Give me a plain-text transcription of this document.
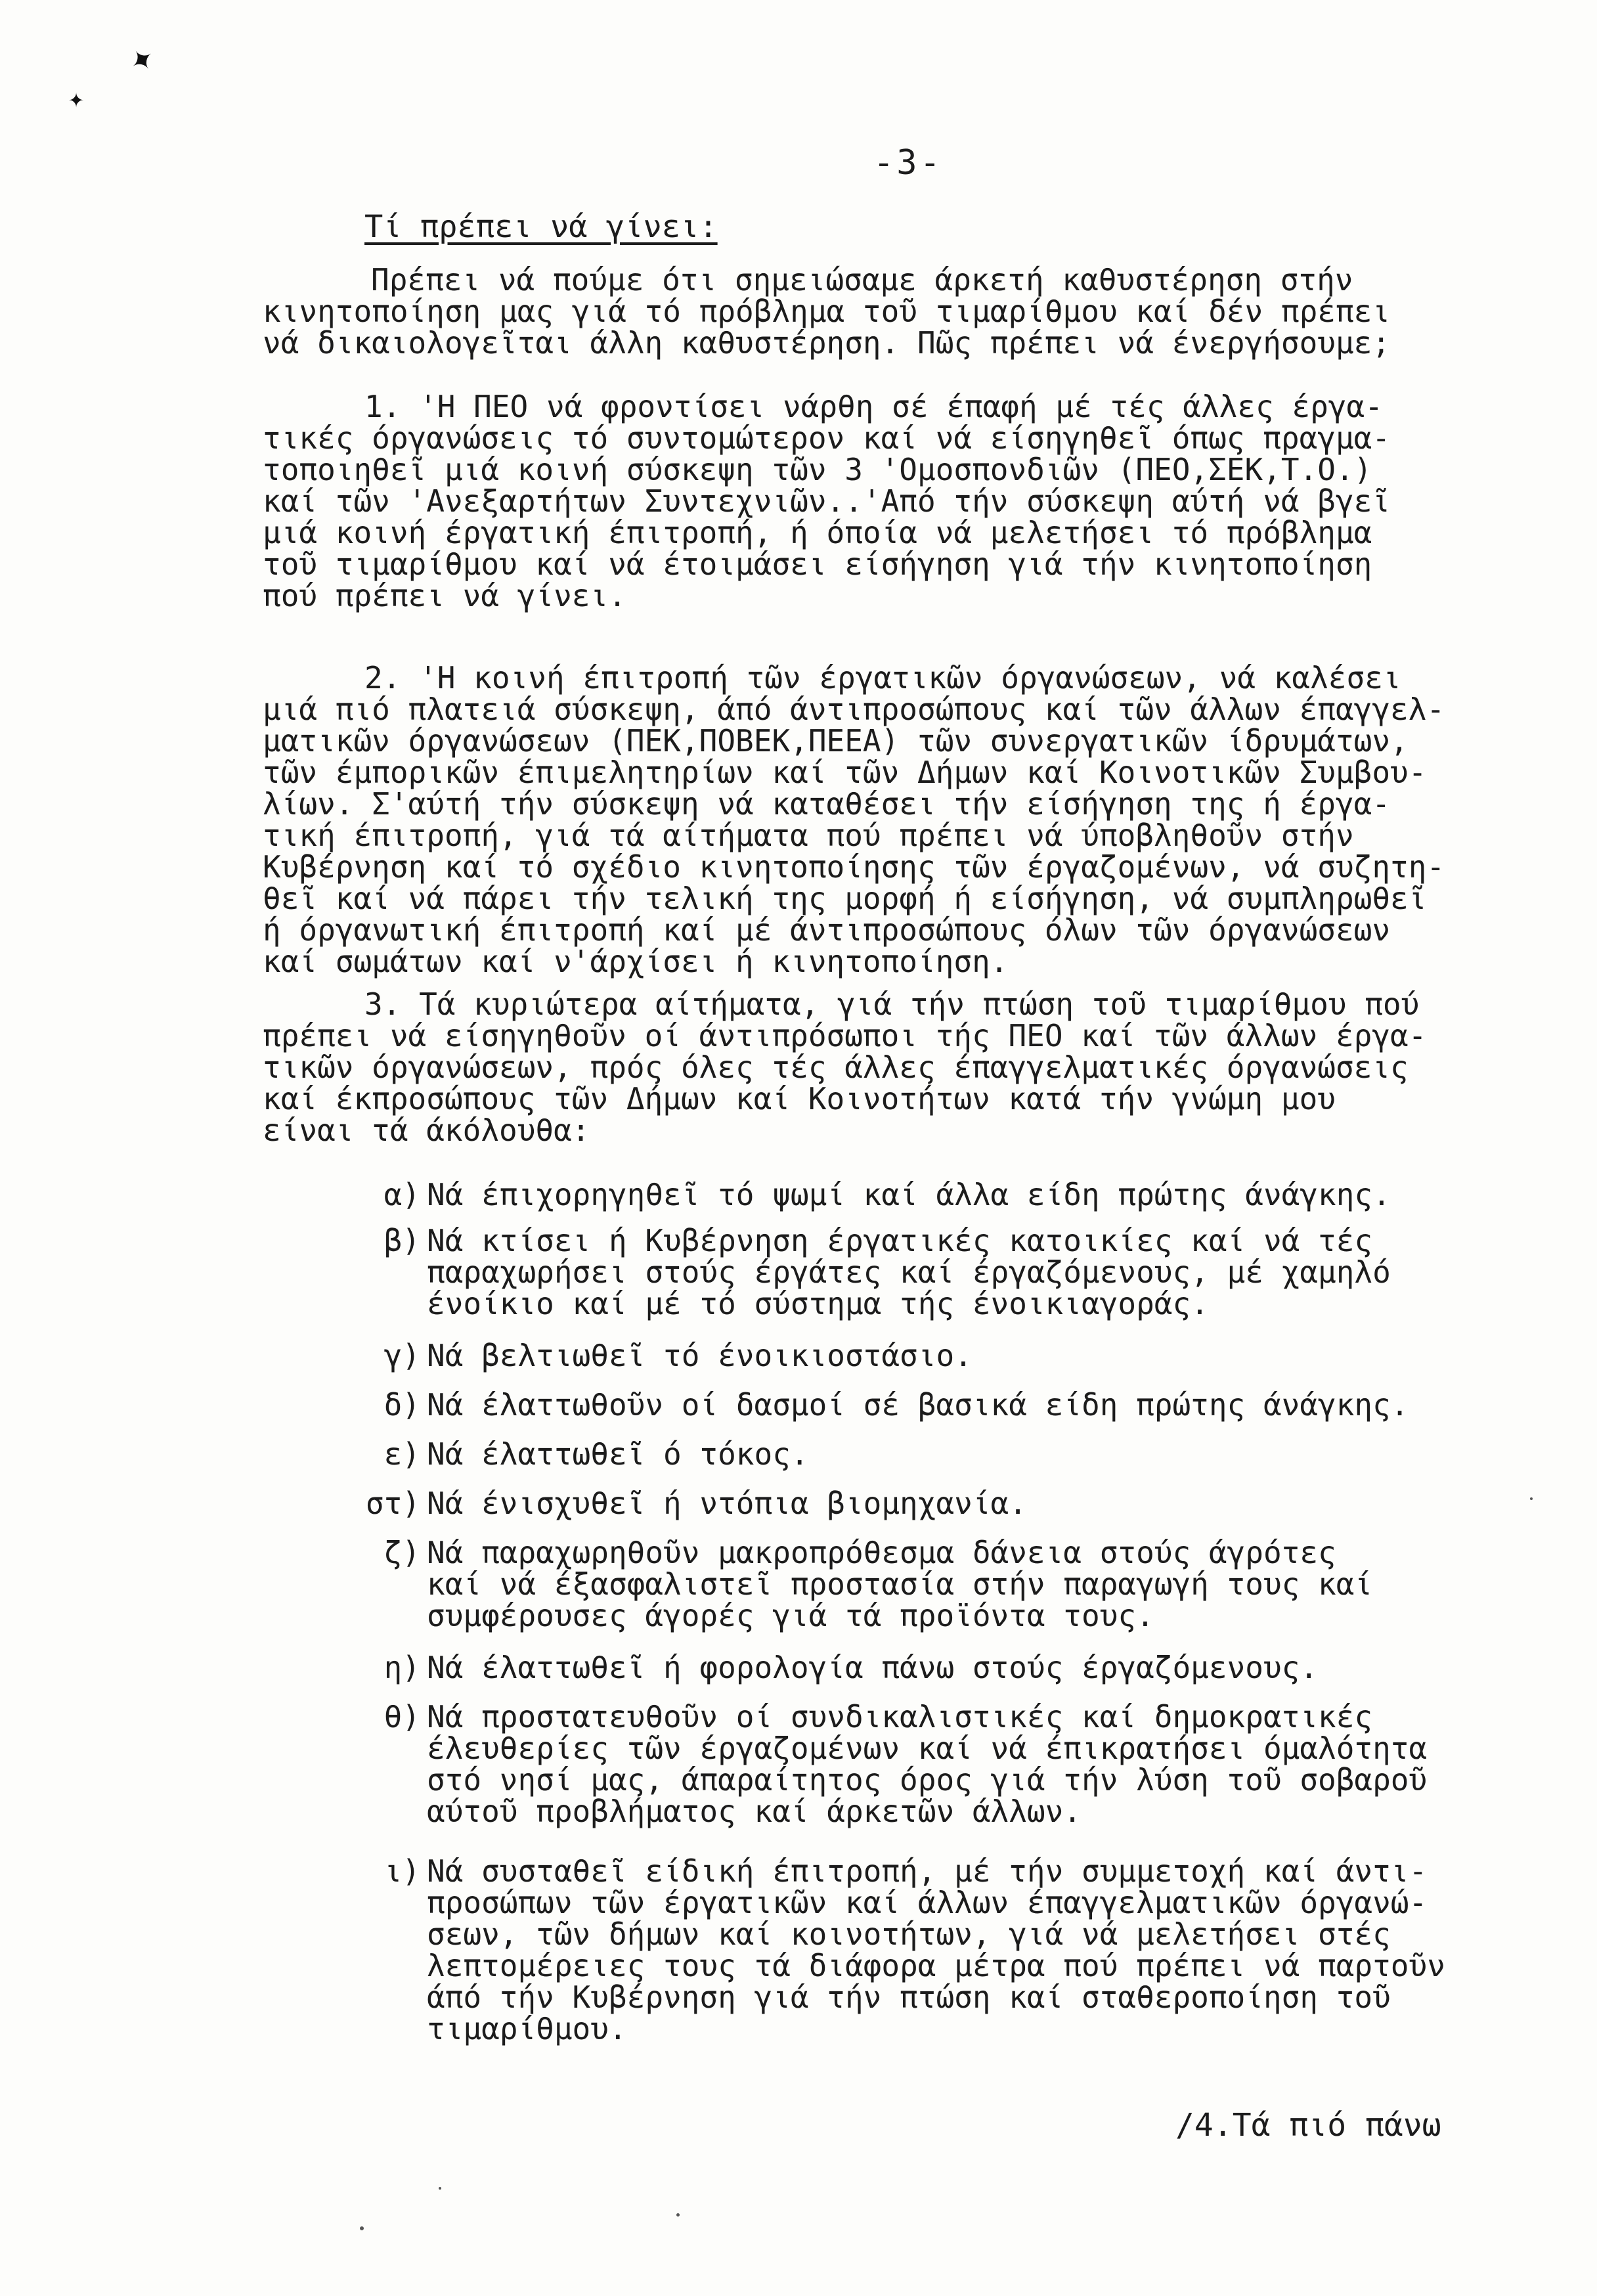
✦
✦
-3-
Τί πρέπει νά γίνει:
Πρέπει νά πούμε ότι σημειώσαμε άρκετή καθυστέρηση στήν
κινητοποίηση μας γιά τό πρόβλημα τοῦ τιμαρίθμου καί δέν πρέπει
νά δικαιολογεῖται άλλη καθυστέρηση. Πῶς πρέπει νά ένεργήσουμε;
1. 'Η ΠΕΟ νά φροντίσει νάρθη σέ έπαφή μέ τές άλλες έργα-
τικές όργανώσεις τό συντομώτερον καί νά είσηγηθεῖ όπως πραγμα-
τοποιηθεῖ μιά κοινή σύσκεψη τῶν 3 'Ομοσπονδιῶν (ΠΕΟ,ΣΕΚ,Τ.Ο.)
καί τῶν 'Ανεξαρτήτων Συντεχνιῶν..'Από τήν σύσκεψη αύτή νά βγεῖ
μιά κοινή έργατική έπιτροπή, ή όποία νά μελετήσει τό πρόβλημα
τοῦ τιμαρίθμου καί νά έτοιμάσει είσήγηση γιά τήν κινητοποίηση
πού πρέπει νά γίνει.
2. 'Η κοινή έπιτροπή τῶν έργατικῶν όργανώσεων, νά καλέσει
μιά πιό πλατειά σύσκεψη, άπό άντιπροσώπους καί τῶν άλλων έπαγγελ-
ματικῶν όργανώσεων (ΠΕΚ,ΠΟΒΕΚ,ΠΕΕΑ) τῶν συνεργατικῶν ίδρυμάτων,
τῶν έμπορικῶν έπιμελητηρίων καί τῶν Δήμων καί Κοινοτικῶν Συμβου-
λίων. Σ'αύτή τήν σύσκεψη νά καταθέσει τήν είσήγηση της ή έργα-
τική έπιτροπή, γιά τά αίτήματα πού πρέπει νά ύποβληθοῦν στήν
Κυβέρνηση καί τό σχέδιο κινητοποίησης τῶν έργαζομένων, νά συζητη-
θεῖ καί νά πάρει τήν τελική της μορφή ή είσήγηση, νά συμπληρωθεῖ
ή όργανωτική έπιτροπή καί μέ άντιπροσώπους όλων τῶν όργανώσεων
καί σωμάτων καί ν'άρχίσει ή κινητοποίηση.
3. Τά κυριώτερα αίτήματα, γιά τήν πτώση τοῦ τιμαρίθμου πού
πρέπει νά είσηγηθοῦν οί άντιπρόσωποι τής ΠΕΟ καί τῶν άλλων έργα-
τικῶν όργανώσεων, πρός όλες τές άλλες έπαγγελματικές όργανώσεις
καί έκπροσώπους τῶν Δήμων καί Κοινοτήτων κατά τήν γνώμη μου
είναι τά άκόλουθα:
α) Νά έπιχορηγηθεῖ τό ψωμί καί άλλα είδη πρώτης άνάγκης.
β) Νά κτίσει ή Κυβέρνηση έργατικές κατοικίες καί νά τές
παραχωρήσει στούς έργάτες καί έργαζόμενους, μέ χαμηλό
ένοίκιο καί μέ τό σύστημα τής ένοικιαγοράς.
γ) Νά βελτιωθεῖ τό ένοικιοστάσιο.
δ) Νά έλαττωθοῦν οί δασμοί σέ βασικά είδη πρώτης άνάγκης.
ε) Νά έλαττωθεῖ ό τόκος.
στ) Νά ένισχυθεῖ ή ντόπια βιομηχανία.
ζ) Νά παραχωρηθοῦν μακροπρόθεσμα δάνεια στούς άγρότες
καί νά έξασφαλιστεῖ προστασία στήν παραγωγή τους καί
συμφέρουσες άγορές γιά τά προϊόντα τους.
η) Νά έλαττωθεῖ ή φορολογία πάνω στούς έργαζόμενους.
θ) Νά προστατευθοῦν οί συνδικαλιστικές καί δημοκρατικές
έλευθερίες τῶν έργαζομένων καί νά έπικρατήσει όμαλότητα
στό νησί μας, άπαραίτητος όρος γιά τήν λύση τοῦ σοβαροῦ
αύτοῦ προβλήματος καί άρκετῶν άλλων.
ι) Νά συσταθεῖ είδική έπιτροπή, μέ τήν συμμετοχή καί άντι-
προσώπων τῶν έργατικῶν καί άλλων έπαγγελματικῶν όργανώ-
σεων, τῶν δήμων καί κοινοτήτων, γιά νά μελετήσει στές
λεπτομέρειες τους τά διάφορα μέτρα πού πρέπει νά παρτοῦν
άπό τήν Κυβέρνηση γιά τήν πτώση καί σταθεροποίηση τοῦ
τιμαρίθμου.
/4.Τά πιό πάνω
